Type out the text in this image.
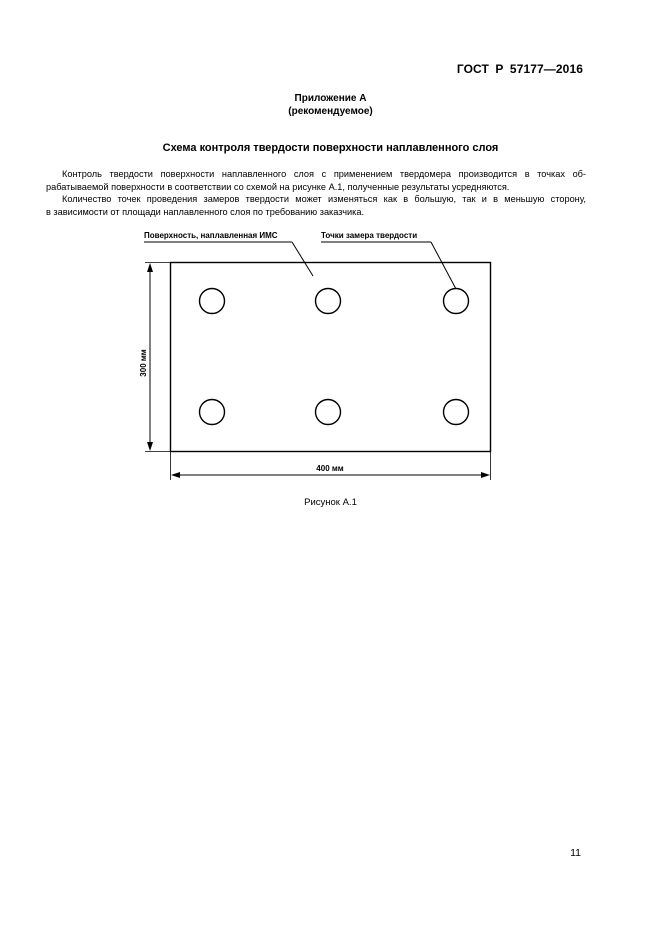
ГОСТ Р 57177—2016
Приложение А
(рекомендуемое)
Схема контроля твердости поверхности наплавленного слоя

Контроль твердости поверхности наплавленного слоя с применением твердомера производится в точках об-

рабатываемой поверхности в соответствии со схемой на рисунке А.1, полученные результаты усредняются.

Количество точек проведения замеров твердости может изменяться как в большую, так и в меньшую сторону,

в зависимости от площади наплавленного слоя по требованию заказчика.

Поверхность, наплавленная ИМС	Точки замера твердости
300 мм
400 мм
Рисунок А.1
11
